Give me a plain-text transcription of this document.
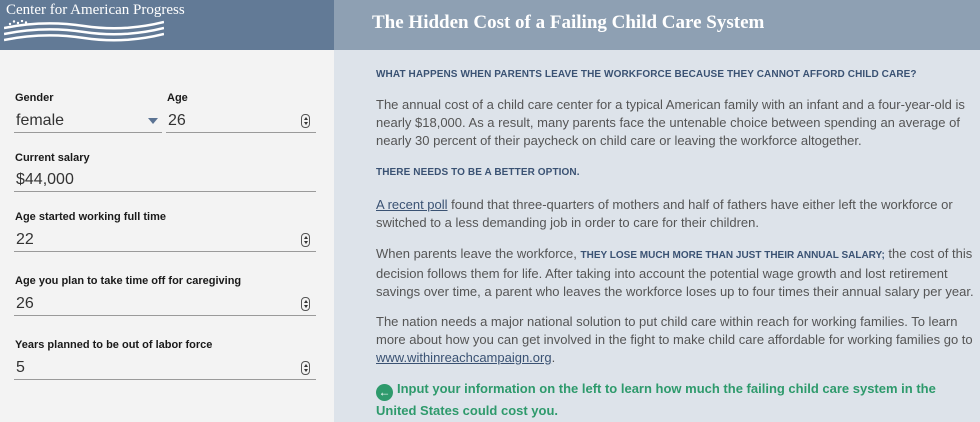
Center for American Progress
The Hidden Cost of a Failing Child Care System
Gender
female
Age
26
Current salary
$44,000
Age started working full time
22
Age you plan to take time off for caregiving
26
Years planned to be out of labor force
5
WHAT HAPPENS WHEN PARENTS LEAVE THE WORKFORCE BECAUSE THEY CANNOT AFFORD CHILD CARE?

The annual cost of a child care center for a typical American family with an infant and a four-year-old is nearly $18,000. As a result, many parents face the untenable choice between spending an average of nearly 30 percent of their paycheck on child care or leaving the workforce altogether.

THERE NEEDS TO BE A BETTER OPTION.

A recent poll found that three-quarters of mothers and half of fathers have either left the workforce or switched to a less demanding job in order to care for their children.

When parents leave the workforce, THEY LOSE MUCH MORE THAN JUST THEIR ANNUAL SALARY; the cost of this decision follows them for life. After taking into account the potential wage growth and lost retirement savings over time, a parent who leaves the workforce loses up to four times their annual salary per year.

The nation needs a major national solution to put child care within reach for working families. To learn more about how you can get involved in the fight to make child care affordable for working families go to www.withinreachcampaign.org.

← Input your information on the left to learn how much the failing child care system in the United States could cost you.
